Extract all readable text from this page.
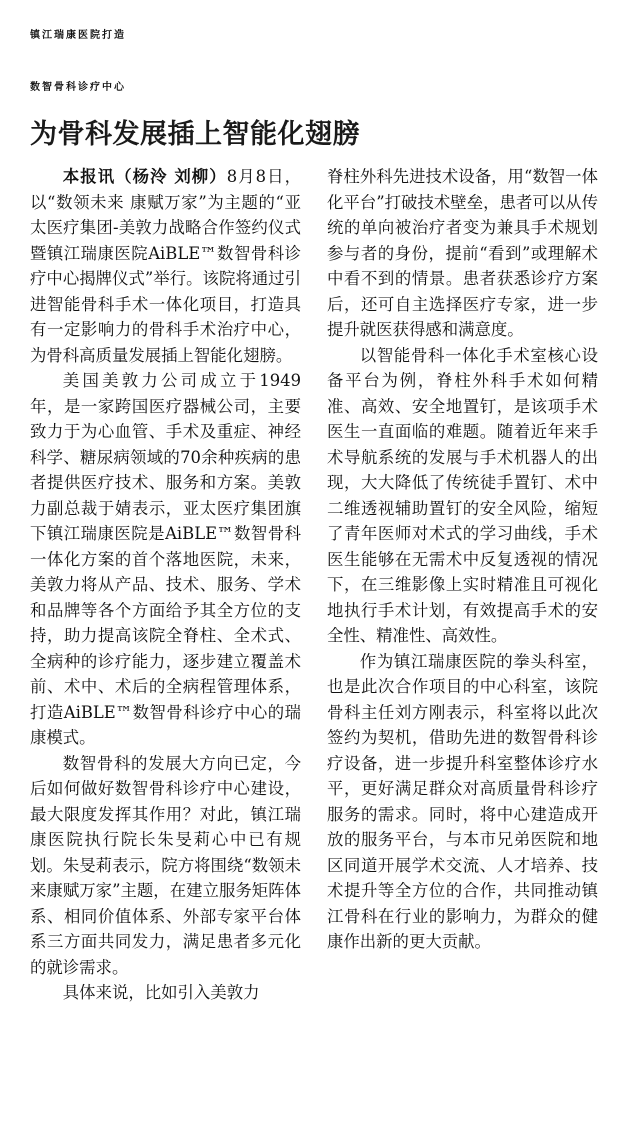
镇江瑞康医院打造
数智骨科诊疗中心
为骨科发展插上智能化翅膀

本报讯（杨泠 刘柳）8月8日，以“数领未来 康赋万家”为主题的“亚太医疗集团-美敦力战略合作签约仪式暨镇江瑞康医院AiBLE™数智骨科诊疗中心揭牌仪式”举行。该院将通过引进智能骨科手术一体化项目，打造具有一定影响力的骨科手术治疗中心，为骨科高质量发展插上智能化翅膀。

美国美敦力公司成立于1949年，是一家跨国医疗器械公司，主要致力于为心血管、手术及重症、神经科学、糖尿病领域的70余种疾病的患者提供医疗技术、服务和方案。美敦力副总裁于婧表示，亚太医疗集团旗下镇江瑞康医院是AiBLE™数智骨科一体化方案的首个落地医院，未来，美敦力将从产品、技术、服务、学术和品牌等各个方面给予其全方位的支持，助力提高该院全脊柱、全术式、全病种的诊疗能力，逐步建立覆盖术前、术中、术后的全病程管理体系，打造AiBLE™数智骨科诊疗中心的瑞康模式。

数智骨科的发展大方向已定，今后如何做好数智骨科诊疗中心建设，最大限度发挥其作用？对此，镇江瑞康医院执行院长朱旻莉心中已有规划。朱旻莉表示，院方将围绕“数领未来康赋万家”主题，在建立服务矩阵体系、相同价值体系、外部专家平台体系三方面共同发力，满足患者多元化的就诊需求。

具体来说，比如引入美敦力

脊柱外科先进技术设备，用“数智一体化平台”打破技术壁垒，患者可以从传统的单向被治疗者变为兼具手术规划参与者的身份，提前“看到”或理解术中看不到的情景。患者获悉诊疗方案后，还可自主选择医疗专家，进一步提升就医获得感和满意度。

以智能骨科一体化手术室核心设备平台为例，脊柱外科手术如何精准、高效、安全地置钉，是该项手术医生一直面临的难题。随着近年来手术导航系统的发展与手术机器人的出现，大大降低了传统徒手置钉、术中二维透视辅助置钉的安全风险，缩短了青年医师对术式的学习曲线，手术医生能够在无需术中反复透视的情况下，在三维影像上实时精准且可视化地执行手术计划，有效提高手术的安全性、精准性、高效性。

作为镇江瑞康医院的拳头科室，也是此次合作项目的中心科室，该院骨科主任刘方刚表示，科室将以此次签约为契机，借助先进的数智骨科诊疗设备，进一步提升科室整体诊疗水平，更好满足群众对高质量骨科诊疗服务的需求。同时，将中心建造成开放的服务平台，与本市兄弟医院和地区同道开展学术交流、人才培养、技术提升等全方位的合作，共同推动镇江骨科在行业的影响力，为群众的健康作出新的更大贡献。
